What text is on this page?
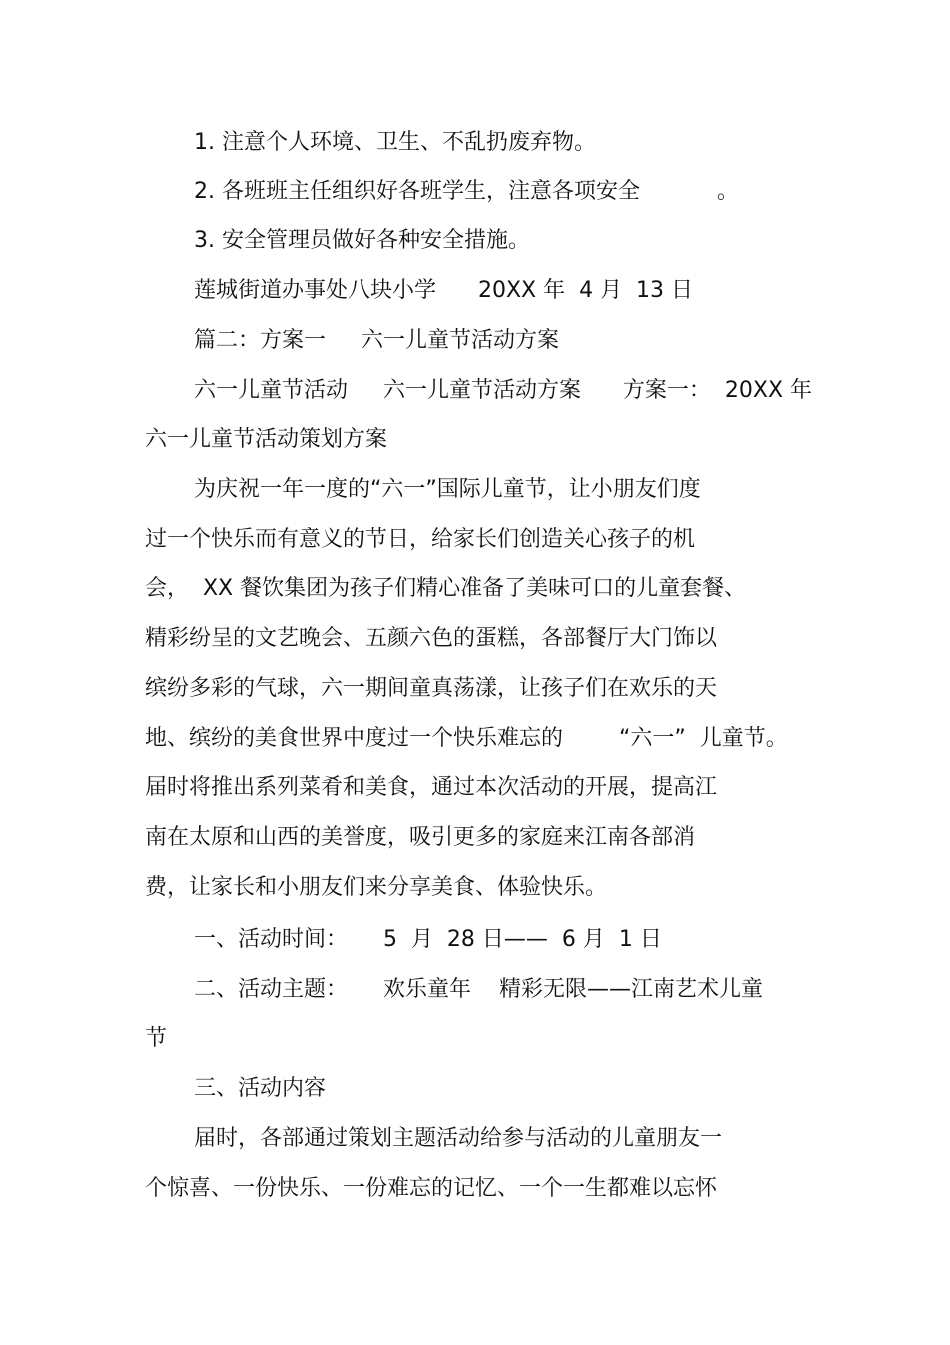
1. 注意个人环境、卫生、不乱扔废弃物。
2. 各班班主任组织好各班学生，注意各项安全           。
3. 安全管理员做好各种安全措施。
莲城街道办事处八块小学      20XX 年  4 月  13 日
篇二：方案一     六一儿童节活动方案
六一儿童节活动     六一儿童节活动方案      方案一：  20XX 年
六一儿童节活动策划方案
为庆祝一年一度的“六一”国际儿童节，让小朋友们度
过一个快乐而有意义的节日，给家长们创造关心孩子的机
会，  XX 餐饮集团为孩子们精心准备了美味可口的儿童套餐、
精彩纷呈的文艺晚会、五颜六色的蛋糕，各部餐厅大门饰以
缤纷多彩的气球，六一期间童真荡漾，让孩子们在欢乐的天
地、缤纷的美食世界中度过一个快乐难忘的        “六一”  儿童节。
届时将推出系列菜肴和美食，通过本次活动的开展，提高江
南在太原和山西的美誉度，吸引更多的家庭来江南各部消
费，让家长和小朋友们来分享美食、体验快乐。
一、活动时间：     5  月  28 日——  6 月  1 日
二、活动主题：     欢乐童年    精彩无限——江南艺术儿童
节
三、活动内容
届时，各部通过策划主题活动给参与活动的儿童朋友一
个惊喜、一份快乐、一份难忘的记忆、一个一生都难以忘怀
